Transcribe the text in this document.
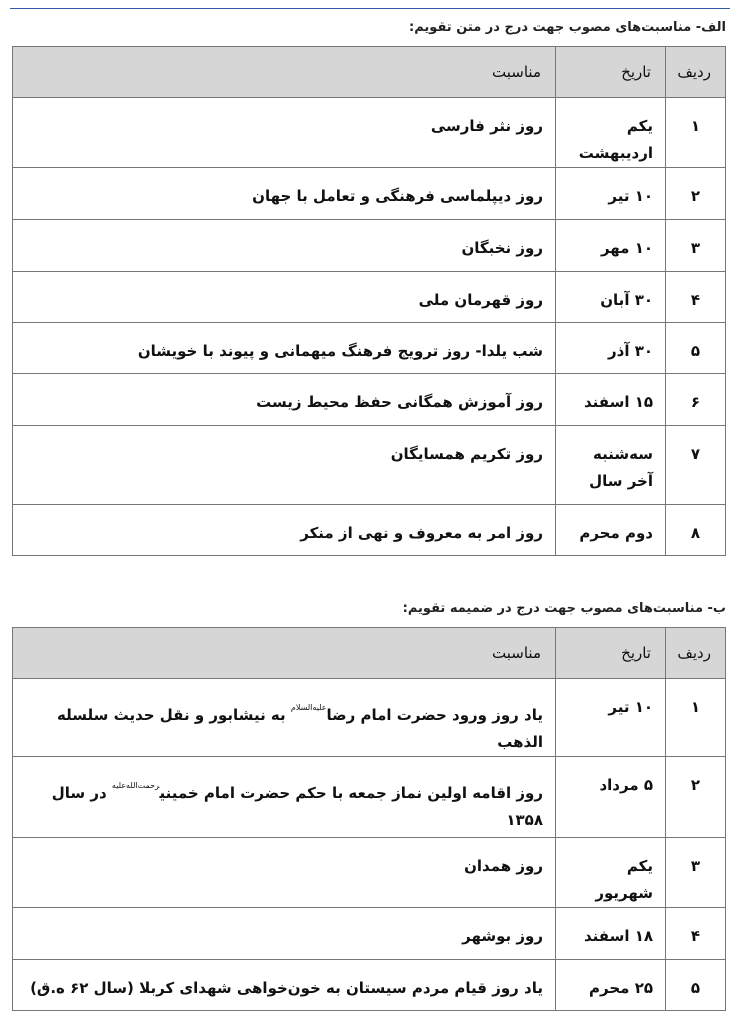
الف- مناسبت‌های مصوب جهت درج در متن تقویم:
ردیف	تاریخ	مناسبت
۱	یکم اردیبهشت	روز نثر فارسی
۲	۱۰ تیر	روز دیپلماسی فرهنگی و تعامل با جهان
۳	۱۰ مهر	روز نخبگان
۴	۳۰ آبان	روز قهرمان ملی
۵	۳۰ آذر	شب یلدا- روز ترویج فرهنگ میهمانی و پیوند با خویشان
۶	۱۵ اسفند	روز آموزش همگانی حفظ محیط زیست
۷	سه‌شنبه آخر سال	روز تکریم همسایگان
۸	دوم محرم	روز امر به معروف و نهی از منکر
ب- مناسبت‌های مصوب جهت درج در ضمیمه تقویم:
ردیف	تاریخ	مناسبت
۱	۱۰ تیر	یاد روز ورود حضرت امام رضا$^{علیه‌السلام}$ به نیشابور و نقل حدیث سلسله الذهب
۲	۵ مرداد	روز اقامه اولین نماز جمعه با حکم حضرت امام خمینی$^{رحمت‌الله‌علیه}$ در سال ۱۳۵۸
۳	یکم شهریور	روز همدان
۴	۱۸ اسفند	روز بوشهر
۵	۲۵ محرم	یاد روز قیام مردم سیستان به خون‌خواهی شهدای کربلا (سال ۶۲ ه.ق)
